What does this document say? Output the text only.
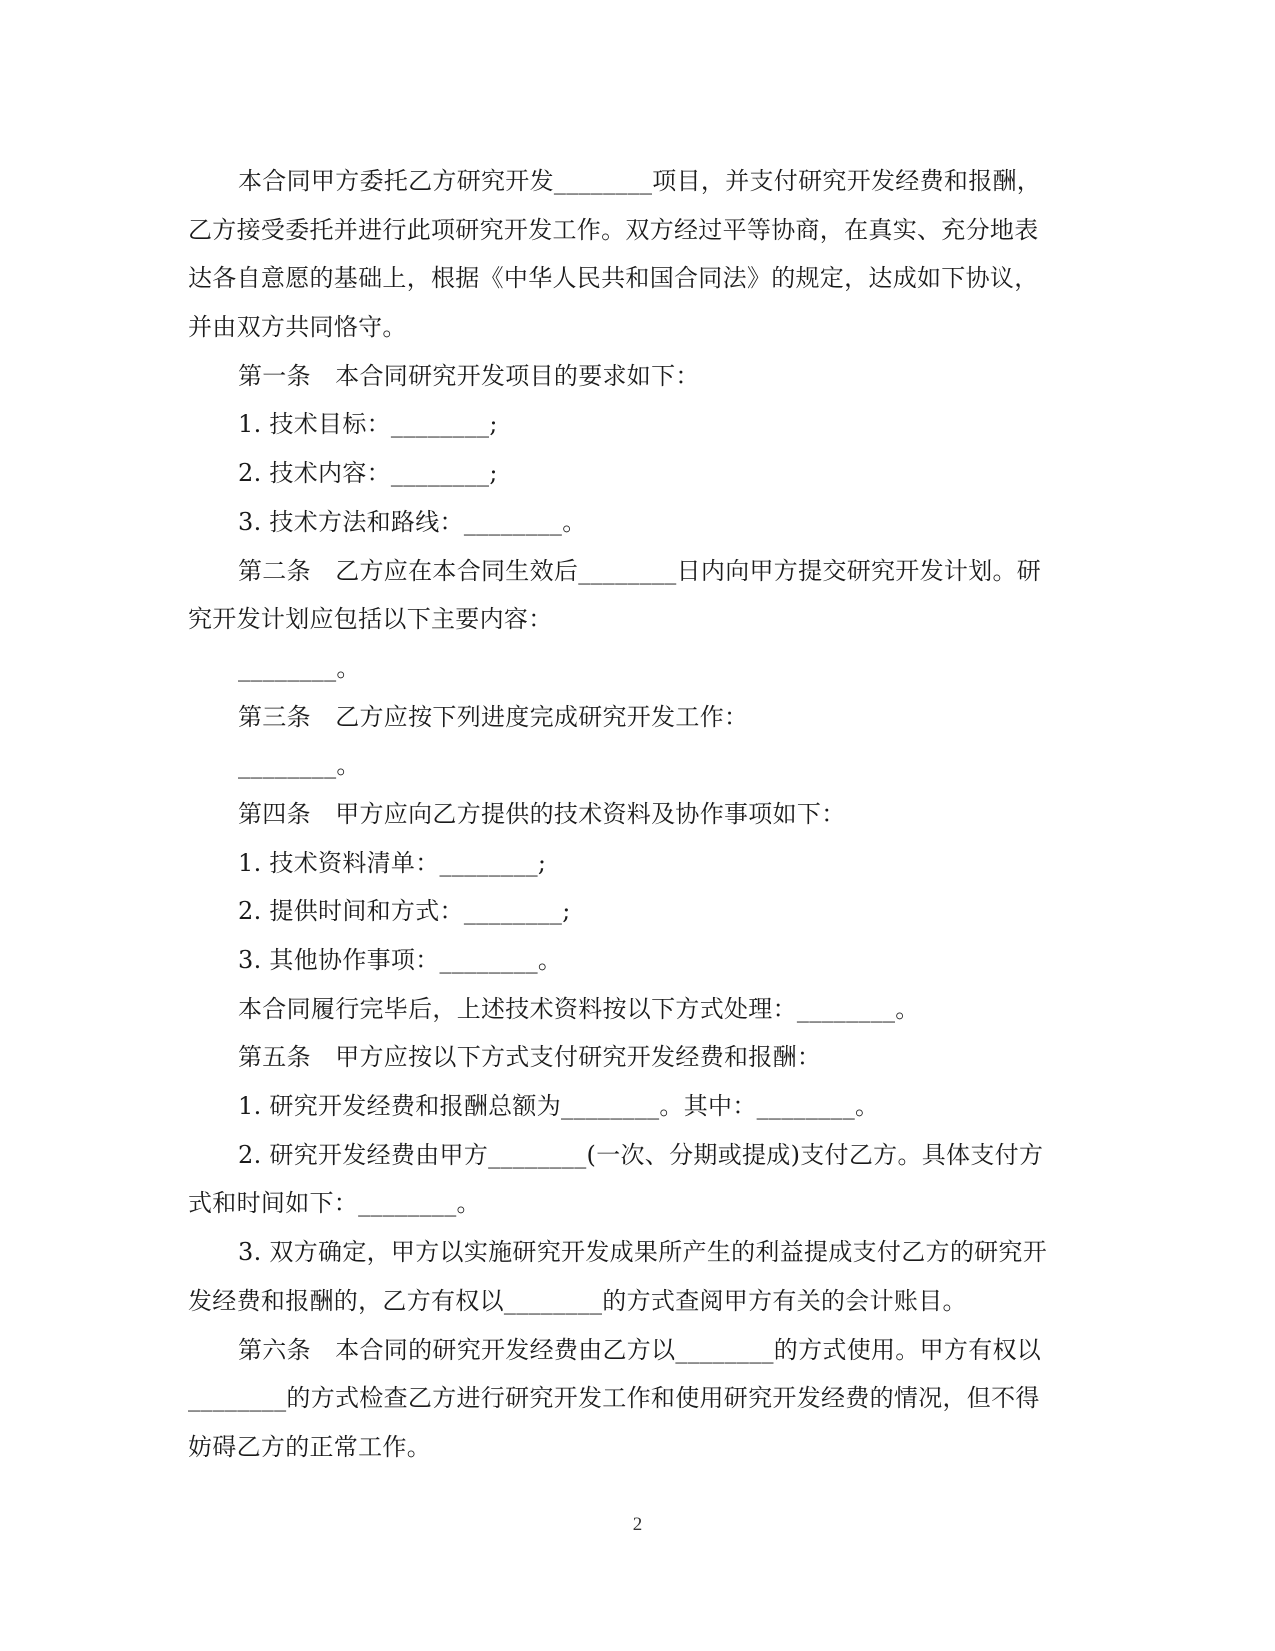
本合同甲方委托乙方研究开发________项目，并支付研究开发经费和报酬，
乙方接受委托并进行此项研究开发工作。双方经过平等协商，在真实、充分地表
达各自意愿的基础上，根据《中华人民共和国合同法》的规定，达成如下协议，
并由双方共同恪守。
第一条　本合同研究开发项目的要求如下：
1. 技术目标：________;
2. 技术内容：________;
3. 技术方法和路线：________。
第二条　乙方应在本合同生效后________日内向甲方提交研究开发计划。研
究开发计划应包括以下主要内容：
________。
第三条　乙方应按下列进度完成研究开发工作：
________。
第四条　甲方应向乙方提供的技术资料及协作事项如下：
1. 技术资料清单：________;
2. 提供时间和方式：________;
3. 其他协作事项：________。
本合同履行完毕后，上述技术资料按以下方式处理：________。
第五条　甲方应按以下方式支付研究开发经费和报酬：
1. 研究开发经费和报酬总额为________。其中：________。
2. 研究开发经费由甲方________(一次、分期或提成)支付乙方。具体支付方
式和时间如下：________。
3. 双方确定，甲方以实施研究开发成果所产生的利益提成支付乙方的研究开
发经费和报酬的，乙方有权以________的方式查阅甲方有关的会计账目。
第六条　本合同的研究开发经费由乙方以________的方式使用。甲方有权以
________的方式检查乙方进行研究开发工作和使用研究开发经费的情况，但不得
妨碍乙方的正常工作。
2
